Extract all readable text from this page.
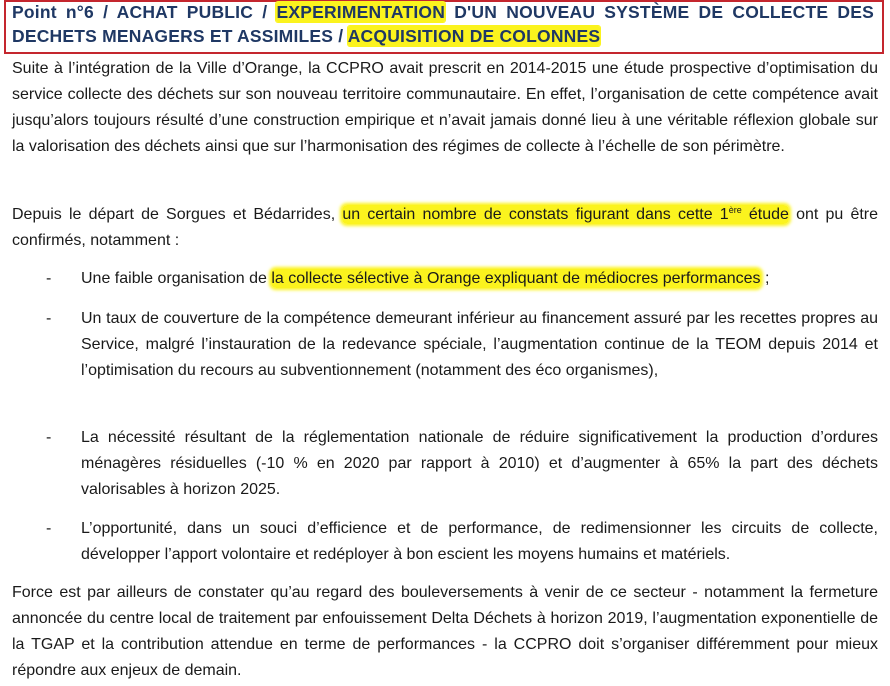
Point n°6 / ACHAT PUBLIC / EXPERIMENTATION D'UN NOUVEAU SYSTÈME DE COLLECTE DES
DECHETS MENAGERS ET ASSIMILES / ACQUISITION DE COLONNES

Suite à l’intégration de la Ville d’Orange, la CCPRO avait prescrit en 2014-2015 une étude prospective d’optimisation du service collecte des déchets sur son nouveau territoire communautaire. En effet, l’organisation de cette compétence avait jusqu’alors toujours résulté d’une construction empirique et n’avait jamais donné lieu à une véritable réflexion globale sur la valorisation des déchets ainsi que sur l’harmonisation des régimes de collecte à l’échelle de son périmètre.

Depuis le départ de Sorgues et Bédarrides, un certain nombre de constats figurant dans cette 1ère étude ont pu être confirmés, notamment :

- Une faible organisation de la collecte sélective à Orange expliquant de médiocres performances ;

- Un taux de couverture de la compétence demeurant inférieur au financement assuré par les recettes propres au Service, malgré l’instauration de la redevance spéciale, l’augmentation continue de la TEOM depuis 2014 et l’optimisation du recours au subventionnement (notamment des éco organismes),

- La nécessité résultant de la réglementation nationale de réduire significativement la production d’ordures ménagères résiduelles (-10 % en 2020 par rapport à 2010) et d’augmenter à 65% la part des déchets valorisables à horizon 2025.

- L’opportunité, dans un souci d’efficience et de performance, de redimensionner les circuits de collecte, développer l’apport volontaire et redéployer à bon escient les moyens humains et matériels.

Force est par ailleurs de constater qu’au regard des bouleversements à venir de ce secteur - notamment la fermeture annoncée du centre local de traitement par enfouissement Delta Déchets à horizon 2019, l’augmentation exponentielle de la TGAP et la contribution attendue en terme de performances - la CCPRO doit s’organiser différemment pour mieux répondre aux enjeux de demain.
